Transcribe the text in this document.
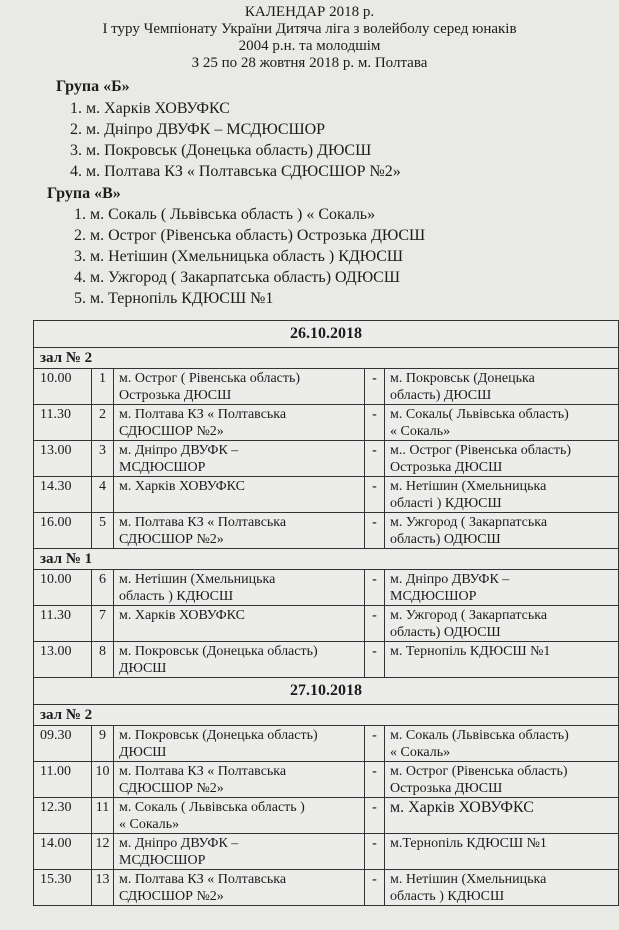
КАЛЕНДАР 2018 р.
І туру Чемпіонату України Дитяча ліга з волейболу серед юнаків
2004 р.н. та молодшім
З 25 по 28 жовтня 2018 р. м. Полтава
Група «Б»
1. м. Харків ХОВУФКС
2. м. Дніпро ДВУФК – МСДЮСШОР
3. м. Покровськ (Донецька область) ДЮСШ
4. м. Полтава КЗ « Полтавська СДЮСШОР №2»
Група «В»
1. м. Сокаль ( Львівська область ) « Сокаль»
2. м. Острог (Рівенська область) Острозька ДЮСШ
3. м. Нетішин (Хмельницька область ) КДЮСШ
4. м. Ужгород ( Закарпатська область) ОДЮСШ
5. м. Тернопіль КДЮСШ №1
26.10.2018
зал № 2
10.00	1 м. Острог ( Рівенська область)
Острозька ДЮСШ
- м. Покровськ (Донецька
область) ДЮСШ
11.30	2 м. Полтава КЗ « Полтавська
СДЮСШОР №2»
- м. Сокаль( Львівська область)
« Сокаль»
13.00	3 м. Дніпро ДВУФК –
МСДЮСШОР
- м.. Острог (Рівенська область)
Острозька ДЮСШ
14.30	4 м. Харків ХОВУФКС	- м. Нетішин (Хмельницька
області ) КДЮСШ
16.00	5 м. Полтава КЗ « Полтавська
СДЮСШОР №2»
- м. Ужгород ( Закарпатська
область) ОДЮСШ
зал № 1
10.00	6 м. Нетішин (Хмельницька
область ) КДЮСШ
- м. Дніпро ДВУФК –
МСДЮСШОР
11.30	7 м. Харків ХОВУФКС	- м. Ужгород ( Закарпатська
область) ОДЮСШ
13.00	8 м. Покровськ (Донецька область)
ДЮСШ
- м. Тернопіль КДЮСШ №1
27.10.2018
зал № 2
09.30	9 м. Покровськ (Донецька область)
ДЮСШ
- м. Сокаль (Львівська область)
« Сокаль»
11.00	10 м. Полтава КЗ « Полтавська
СДЮСШОР №2»
- м. Острог (Рівенська область)
Острозька ДЮСШ
12.30	11 м. Сокаль ( Львівська область )
« Сокаль»
- м. Харків ХОВУФКС
14.00	12 м. Дніпро ДВУФК –
МСДЮСШОР
- м.Тернопіль КДЮСШ №1
15.30	13 м. Полтава КЗ « Полтавська
СДЮСШОР №2»
- м. Нетішин (Хмельницька
область ) КДЮСШ
